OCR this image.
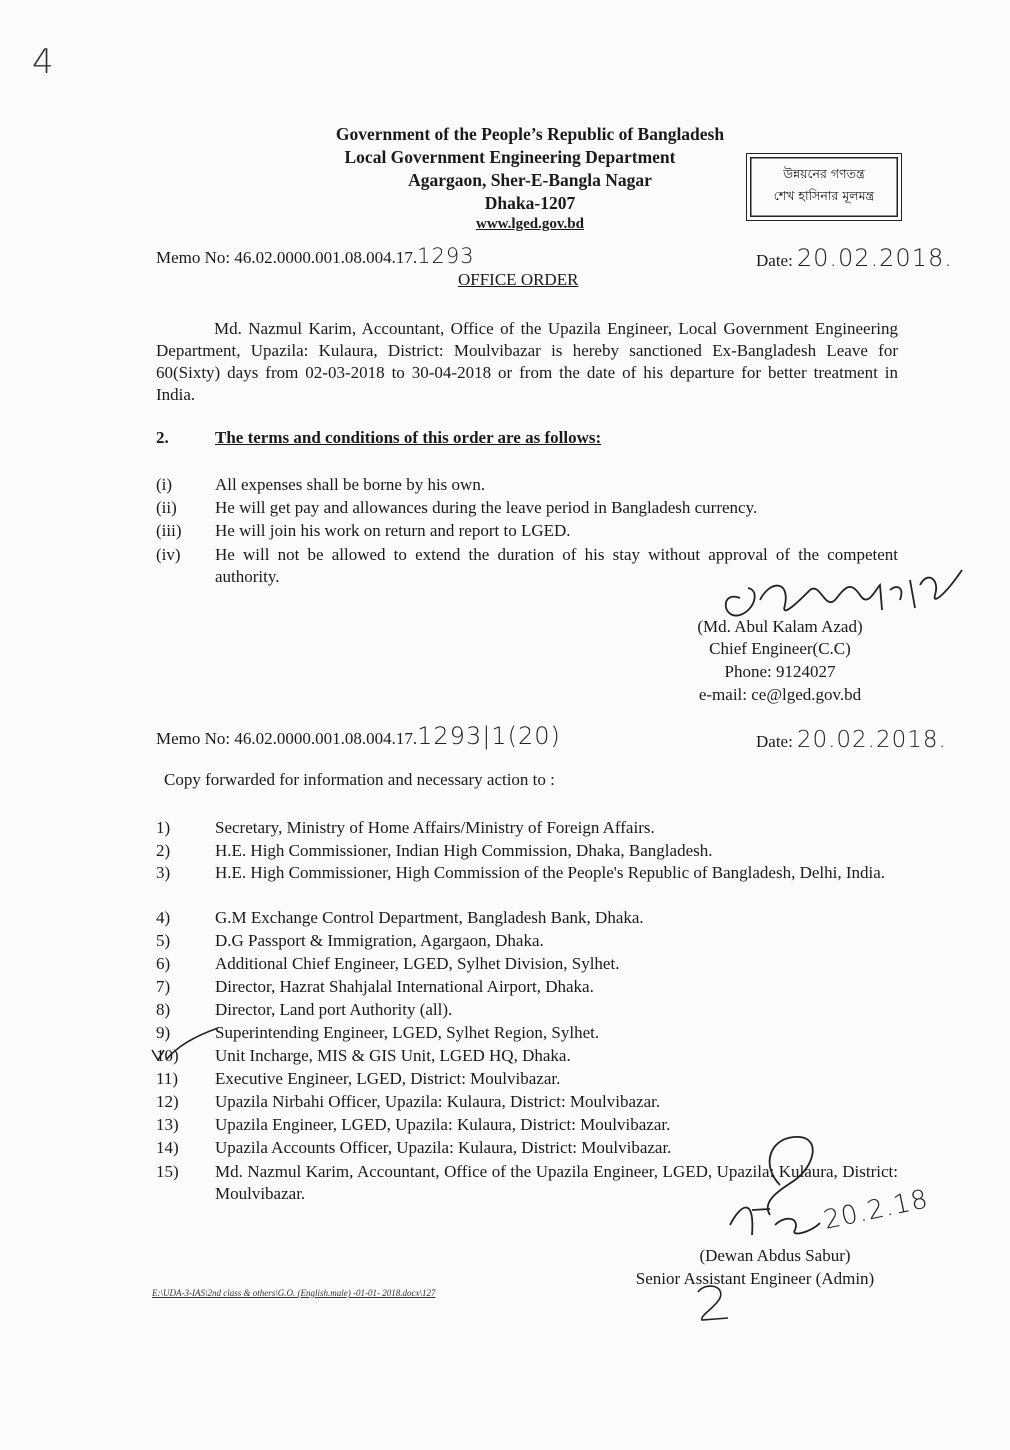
4
Government of the People’s Republic of Bangladesh
Local Government Engineering Department
Agargaon, Sher-E-Bangla Nagar
Dhaka-1207
www.lged.gov.bd
উন্নয়নের গণতন্ত্র
শেখ হাসিনার মূলমন্ত্র
Memo No: 46.02.0000.001.08.004.17.1293	Date: 20.02.2018.
OFFICE ORDER
Md. Nazmul Karim, Accountant, Office of the Upazila Engineer, Local Government Engineering Department, Upazila: Kulaura, District: Moulvibazar is hereby sanctioned Ex-Bangladesh Leave for 60(Sixty) days from 02-03-2018 to 30-04-2018 or from the date of his departure for better treatment in India.
2.	The terms and conditions of this order are as follows:
(i)	All expenses shall be borne by his own.
(ii) He will get pay and allowances during the leave period in Bangladesh currency.
(iii) He will join his work on return and report to LGED.
(iv) He will not be allowed to extend the duration of his stay without approval of the competent authority.
(Md. Abul Kalam Azad)
Chief Engineer(C.C)
Phone: 9124027
e-mail: ce@lged.gov.bd
Memo No: 46.02.0000.001.08.004.17.1293|1(20)	Date: 20.02.2018.
Copy forwarded for information and necessary action to :
1)	Secretary, Ministry of Home Affairs/Ministry of Foreign Affairs.
2)	H.E. High Commissioner, Indian High Commission, Dhaka, Bangladesh.
3)	H.E. High Commissioner, High Commission of the People's Republic of Bangladesh, Delhi, India.
4)	G.M Exchange Control Department, Bangladesh Bank, Dhaka.
5)	D.G Passport & Immigration, Agargaon, Dhaka.
6)	Additional Chief Engineer, LGED, Sylhet Division, Sylhet.
7)	Director, Hazrat Shahjalal International Airport, Dhaka.
8)	Director, Land port Authority (all).
9)	Superintending Engineer, LGED, Sylhet Region, Sylhet.
10) Unit Incharge, MIS & GIS Unit, LGED HQ, Dhaka.
11) Executive Engineer, LGED, District: Moulvibazar.
12) Upazila Nirbahi Officer, Upazila: Kulaura, District: Moulvibazar.
13) Upazila Engineer, LGED, Upazila: Kulaura, District: Moulvibazar.
14) Upazila Accounts Officer, Upazila: Kulaura, District: Moulvibazar.
15) Md. Nazmul Karim, Accountant, Office of the Upazila Engineer, LGED, Upazila: Kulaura, District: Moulvibazar.	20.2.18
(Dewan Abdus Sabur)
Senior Assistant Engineer (Admin)
E:\UDA-3-IAS\2nd class & others\G.O. (English.male) -01-01- 2018.docx\127
